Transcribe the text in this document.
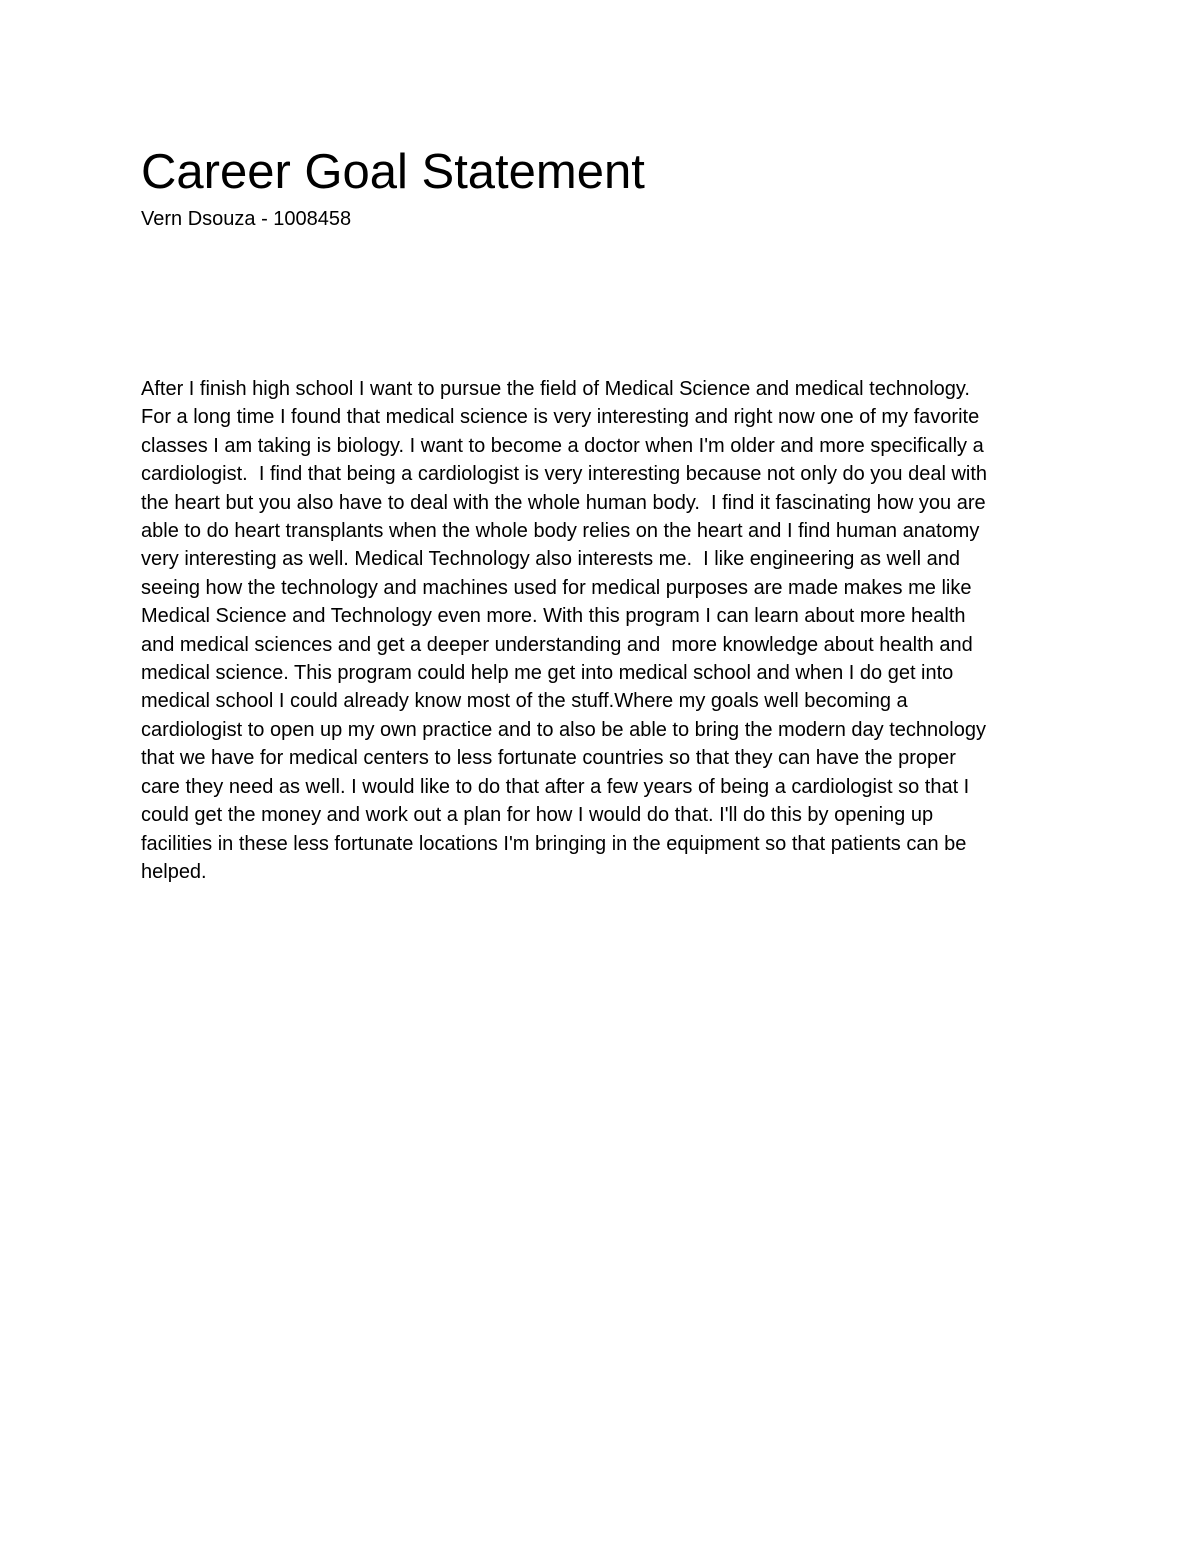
Career Goal Statement
Vern Dsouza - 1008458
After I finish high school I want to pursue the field of Medical Science and medical technology.
For a long time I found that medical science is very interesting and right now one of my favorite
classes I am taking is biology. I want to become a doctor when I'm older and more specifically a
cardiologist.  I find that being a cardiologist is very interesting because not only do you deal with
the heart but you also have to deal with the whole human body.  I find it fascinating how you are
able to do heart transplants when the whole body relies on the heart and I find human anatomy
very interesting as well. Medical Technology also interests me.  I like engineering as well and
seeing how the technology and machines used for medical purposes are made makes me like
Medical Science and Technology even more. With this program I can learn about more health
and medical sciences and get a deeper understanding and  more knowledge about health and
medical science. This program could help me get into medical school and when I do get into
medical school I could already know most of the stuff.Where my goals well becoming a
cardiologist to open up my own practice and to also be able to bring the modern day technology
that we have for medical centers to less fortunate countries so that they can have the proper
care they need as well. I would like to do that after a few years of being a cardiologist so that I
could get the money and work out a plan for how I would do that. I'll do this by opening up
facilities in these less fortunate locations I'm bringing in the equipment so that patients can be
helped.
